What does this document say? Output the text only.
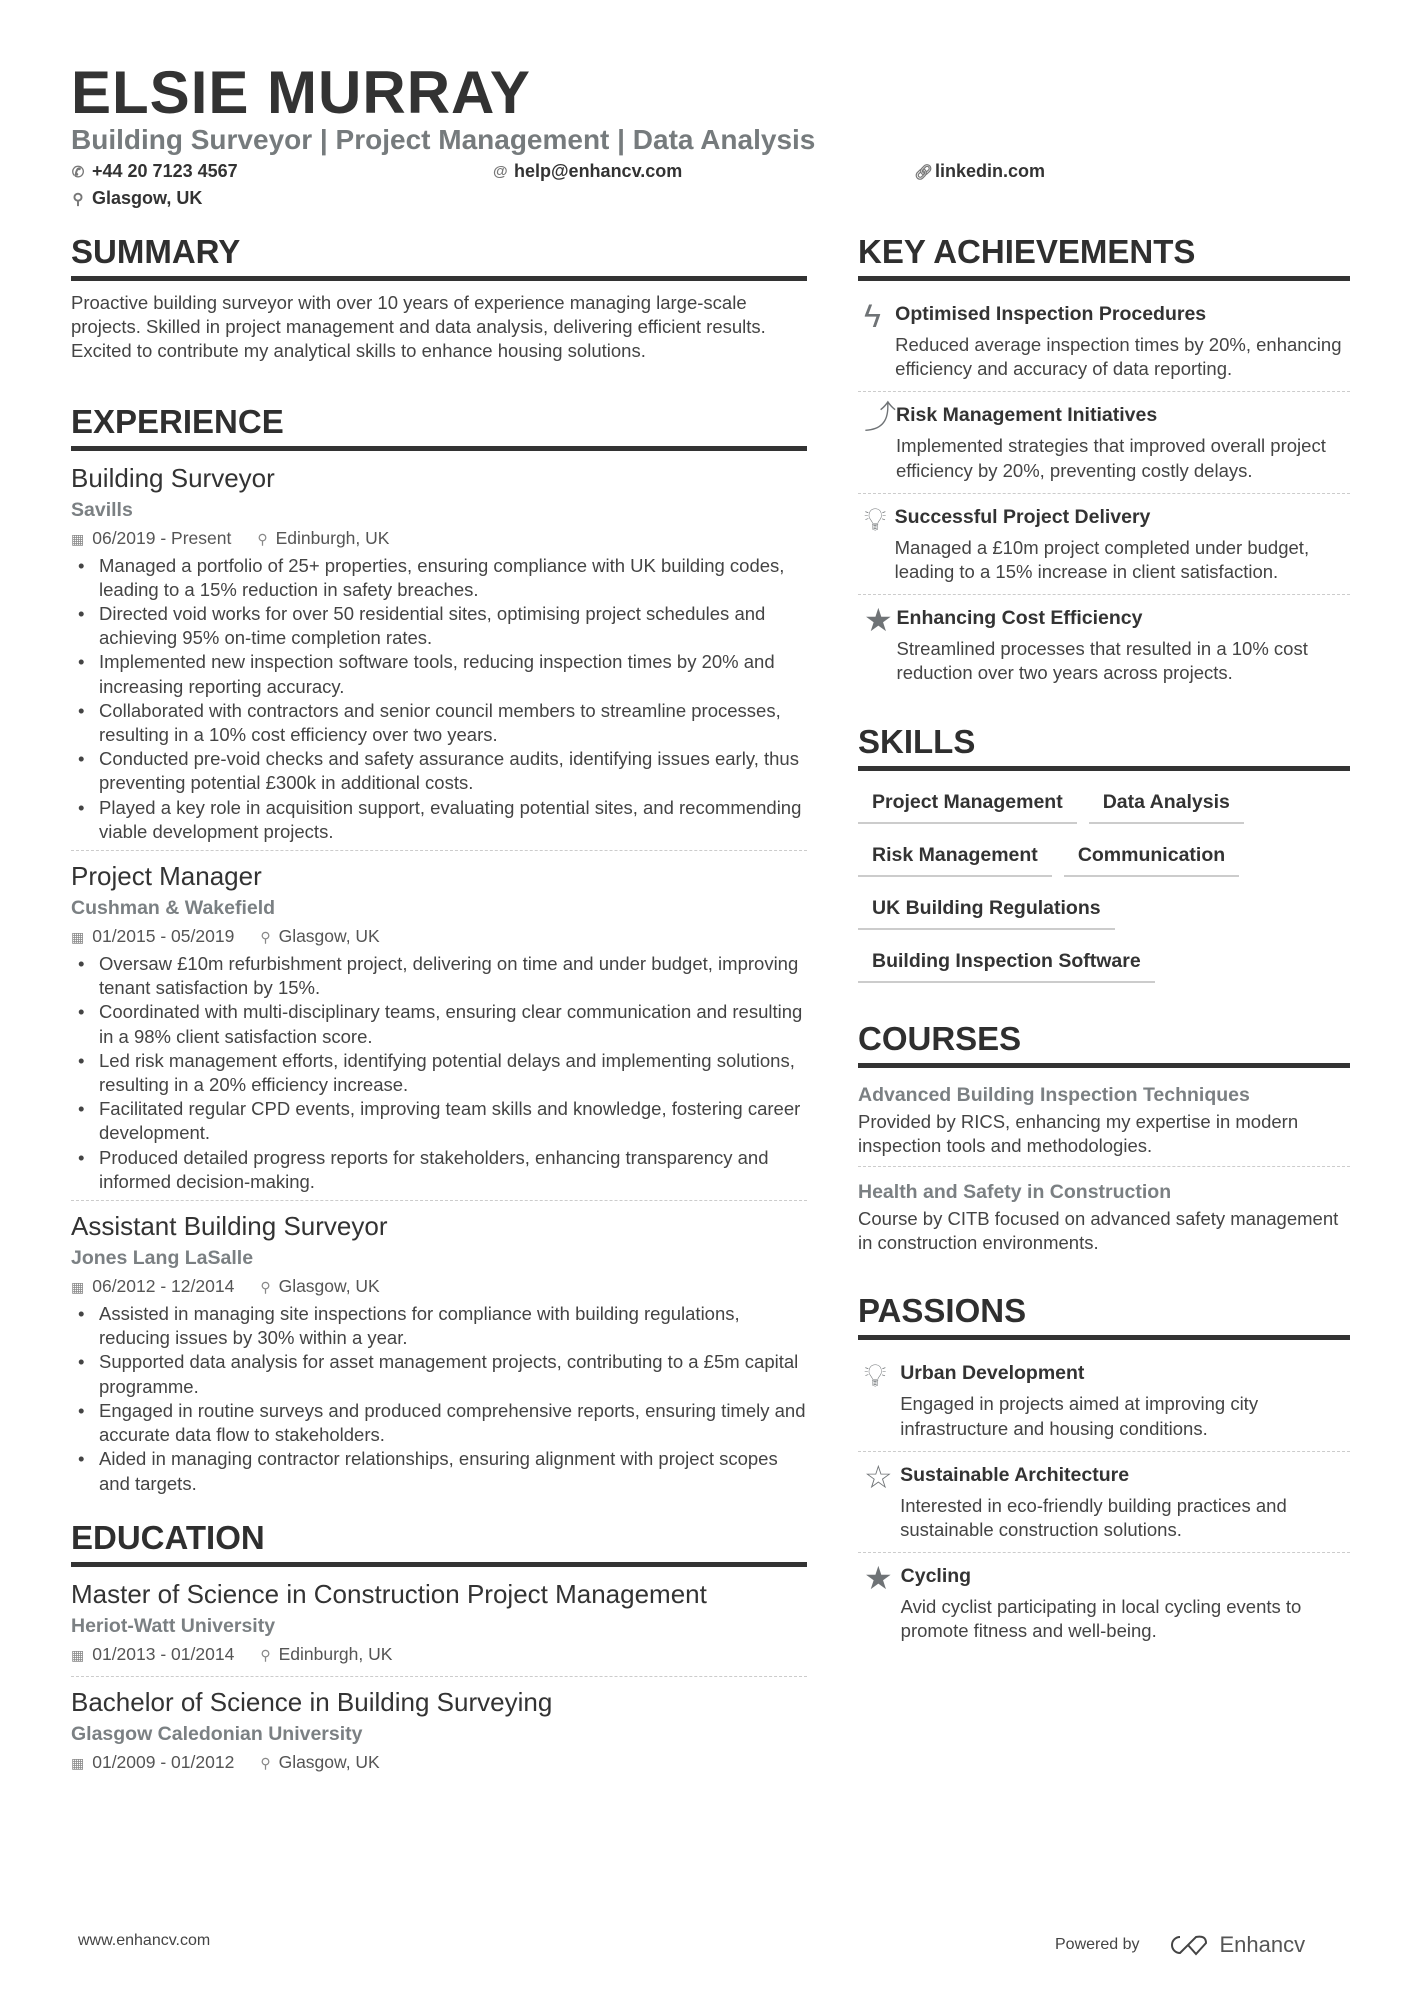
ELSIE MURRAY
Building Surveyor | Project Management | Data Analysis
✆ +44 20 7123 4567	@ help@enhancv.com	🔗︎ linkedin.com
⚲ Glasgow, UK
SUMMARY

Proactive building surveyor with over 10 years of experience managing large-scale projects. Skilled in project management and data analysis, delivering efficient results. Excited to contribute my analytical skills to enhance housing solutions.

EXPERIENCE
Building Surveyor
Savills
▦ 06/2019 - Present ⚲ Edinburgh, UK
• Managed a portfolio of 25+ properties, ensuring compliance with UK building codes, leading to a 15% reduction in safety breaches.
• Directed void works for over 50 residential sites, optimising project schedules and achieving 95% on-time completion rates.
• Implemented new inspection software tools, reducing inspection times by 20% and increasing reporting accuracy.
• Collaborated with contractors and senior council members to streamline processes, resulting in a 10% cost efficiency over two years.
• Conducted pre-void checks and safety assurance audits, identifying issues early, thus preventing potential £300k in additional costs.
• Played a key role in acquisition support, evaluating potential sites, and recommending viable development projects.
Project Manager
Cushman & Wakefield
▦ 01/2015 - 05/2019 ⚲ Glasgow, UK
• Oversaw £10m refurbishment project, delivering on time and under budget, improving tenant satisfaction by 15%.
• Coordinated with multi-disciplinary teams, ensuring clear communication and resulting in a 98% client satisfaction score.
• Led risk management efforts, identifying potential delays and implementing solutions, resulting in a 20% efficiency increase.
• Facilitated regular CPD events, improving team skills and knowledge, fostering career development.
• Produced detailed progress reports for stakeholders, enhancing transparency and informed decision-making.
Assistant Building Surveyor
Jones Lang LaSalle
▦ 06/2012 - 12/2014 ⚲ Glasgow, UK
• Assisted in managing site inspections for compliance with building regulations, reducing issues by 30% within a year.
• Supported data analysis for asset management projects, contributing to a £5m capital programme.
• Engaged in routine surveys and produced comprehensive reports, ensuring timely and accurate data flow to stakeholders.
• Aided in managing contractor relationships, ensuring alignment with project scopes and targets.
EDUCATION
Master of Science in Construction Project Management
Heriot-Watt University
▦ 01/2013 - 01/2014 ⚲ Edinburgh, UK
Bachelor of Science in Building Surveying
Glasgow Caledonian University
▦ 01/2009 - 01/2012 ⚲ Glasgow, UK
KEY ACHIEVEMENTS
ϟ Optimised Inspection Procedures
Reduced average inspection times by 20%, enhancing efficiency and accuracy of data reporting.
⤴ Risk Management Initiatives
Implemented strategies that improved overall project efficiency by 20%, preventing costly delays.
💡︎ Successful Project Delivery
Managed a £10m project completed under budget, leading to a 15% increase in client satisfaction.
★ Enhancing Cost Efficiency
Streamlined processes that resulted in a 10% cost reduction over two years across projects.
SKILLS
Project Management	Data Analysis
Risk Management	Communication
UK Building Regulations
Building Inspection Software
COURSES
Advanced Building Inspection Techniques
Provided by RICS, enhancing my expertise in modern inspection tools and methodologies.
Health and Safety in Construction
Course by CITB focused on advanced safety management in construction environments.
PASSIONS
💡︎ Urban Development
Engaged in projects aimed at improving city infrastructure and housing conditions.
☆ Sustainable Architecture
Interested in eco-friendly building practices and sustainable construction solutions.
★ Cycling
Avid cyclist participating in local cycling events to promote fitness and well-being.
www.enhancv.com	Powered by	Enhancv
